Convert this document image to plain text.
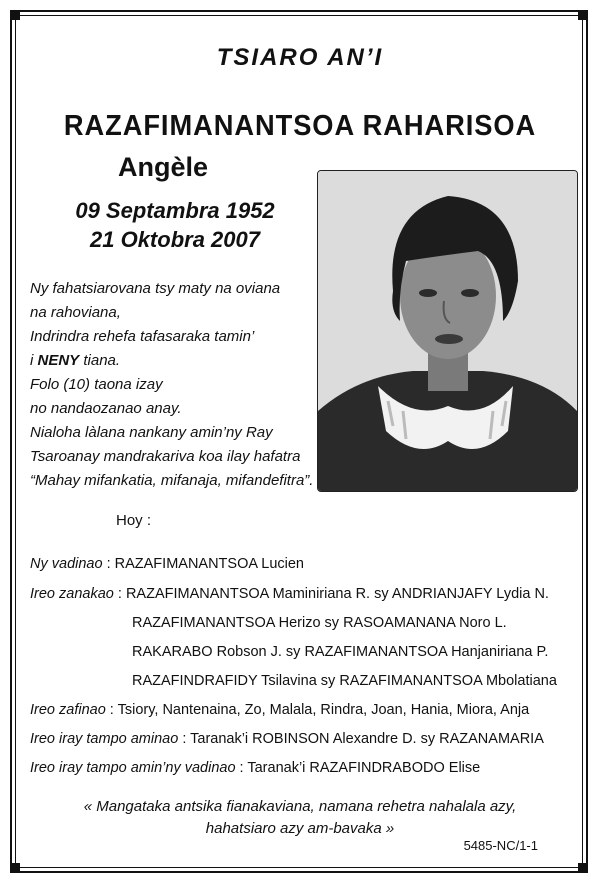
TSIARO AN’I
RAZAFIMANANTSOA RAHARISOA
Angèle
09 Septambra 1952
21 Oktobra 2007
Ny fahatsiarovana tsy maty na oviana
na rahoviana,
Indrindra rehefa tafasaraka tamin’
i NENY tiana.
Folo (10) taona izay
no nandaozanao anay.
Nialoha làlana nankany amin’ny Ray
Tsaroanay mandrakariva koa ilay hafatra
“Mahay mifankatia, mifanaja, mifandefitra”.
Hoy :
Ny vadinao : RAZAFIMANANTSOA Lucien
Ireo zanakao : RAZAFIMANANTSOA Maminiriana R. sy ANDRIANJAFY Lydia N.
RAZAFIMANANTSOA Herizo sy RASOAMANANA Noro L.
RAKARABO Robson J. sy RAZAFIMANANTSOA Hanjaniriana P.
RAZAFINDRAFIDY Tsilavina sy RAZAFIMANANTSOA Mbolatiana
Ireo zafinao : Tsiory, Nantenaina, Zo, Malala, Rindra, Joan, Hania, Miora, Anja
Ireo iray tampo aminao : Taranak’i ROBINSON Alexandre D. sy RAZANAMARIA
Ireo iray tampo amin’ny vadinao : Taranak’i RAZAFINDRABODO Elise
« Mangataka antsika fianakaviana, namana rehetra nahalala azy,
hahatsiaro azy am-bavaka »
5485-NC/1-1
